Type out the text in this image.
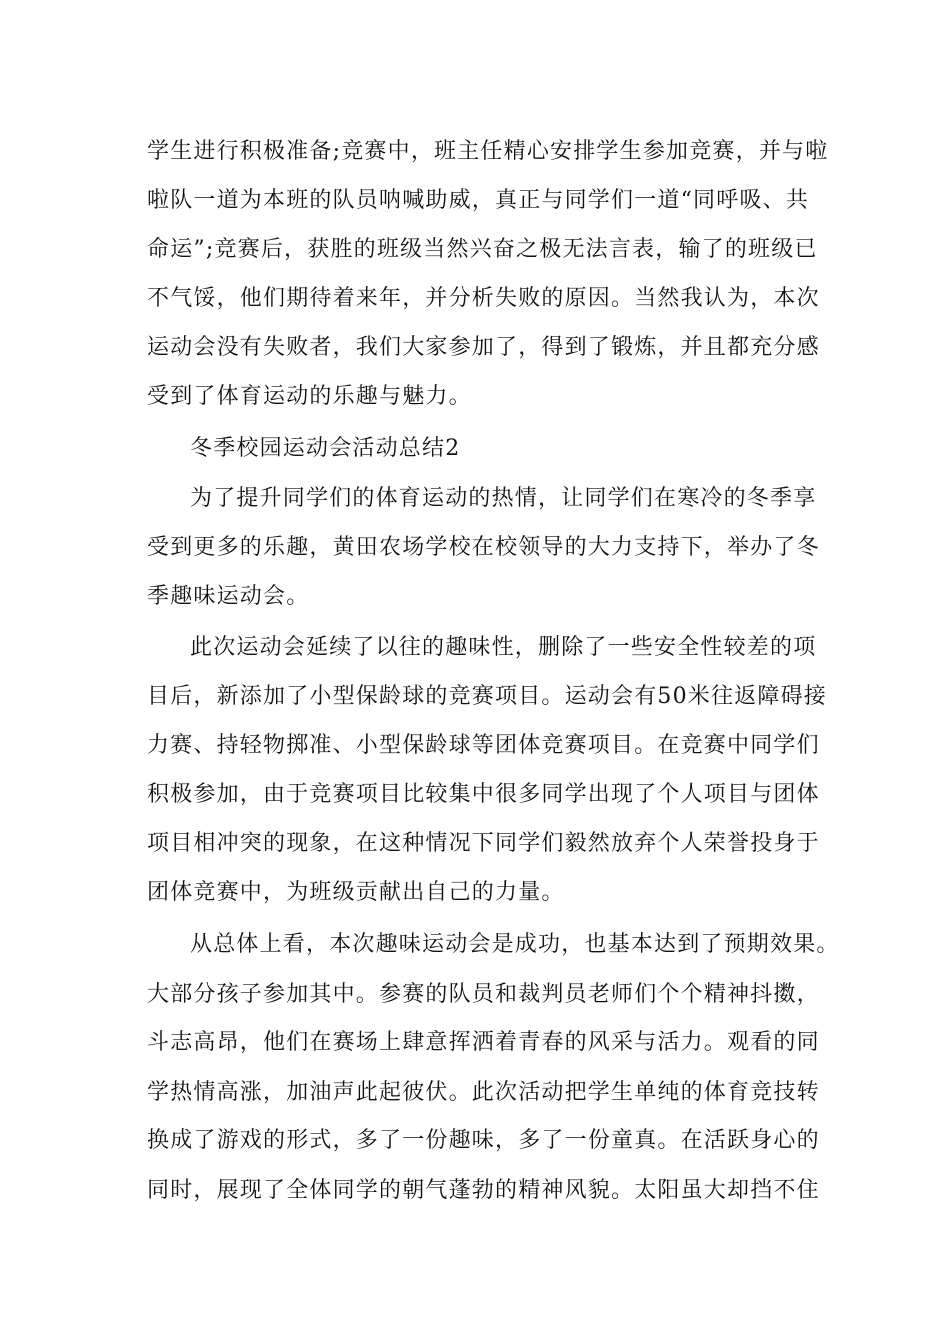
学生进行积极准备;竞赛中，班主任精心安排学生参加竞赛，并与啦
啦队一道为本班的队员呐喊助威，真正与同学们一道“同呼吸、共
命运”;竞赛后，获胜的班级当然兴奋之极无法言表，输了的班级已
不气馁，他们期待着来年，并分析失败的原因。当然我认为，本次
运动会没有失败者，我们大家参加了，得到了锻炼，并且都充分感
受到了体育运动的乐趣与魅力。
冬季校园运动会活动总结2
为了提升同学们的体育运动的热情，让同学们在寒冷的冬季享
受到更多的乐趣，黄田农场学校在校领导的大力支持下，举办了冬
季趣味运动会。
此次运动会延续了以往的趣味性，删除了一些安全性较差的项
目后，新添加了小型保龄球的竞赛项目。运动会有50米往返障碍接
力赛、持轻物掷准、小型保龄球等团体竞赛项目。在竞赛中同学们
积极参加，由于竞赛项目比较集中很多同学出现了个人项目与团体
项目相冲突的现象，在这种情况下同学们毅然放弃个人荣誉投身于
团体竞赛中，为班级贡献出自己的力量。
从总体上看，本次趣味运动会是成功，也基本达到了预期效果。
大部分孩子参加其中。参赛的队员和裁判员老师们个个精神抖擞，
斗志高昂，他们在赛场上肆意挥洒着青春的风采与活力。观看的同
学热情高涨，加油声此起彼伏。此次活动把学生单纯的体育竞技转
换成了游戏的形式，多了一份趣味，多了一份童真。在活跃身心的
同时，展现了全体同学的朝气蓬勃的精神风貌。太阳虽大却挡不住
